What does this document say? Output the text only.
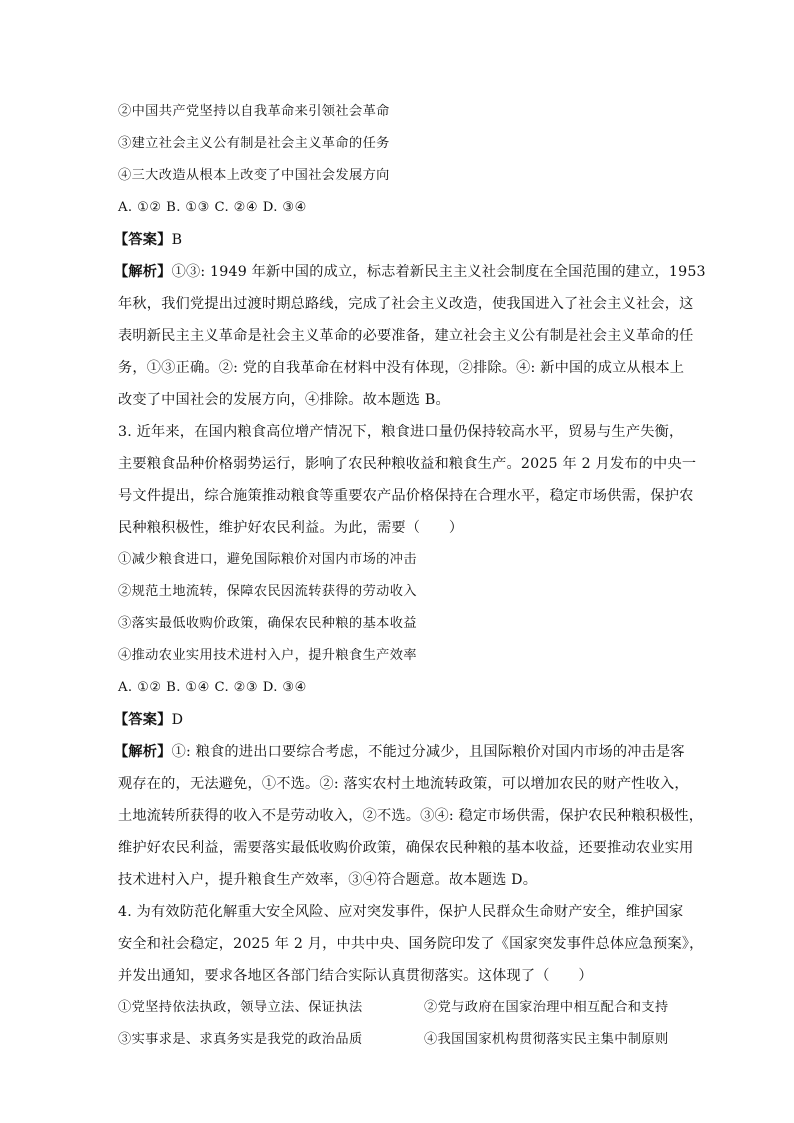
②中国共产党坚持以自我革命来引领社会革命
③建立社会主义公有制是社会主义革命的任务
④三大改造从根本上改变了中国社会发展方向
A. ①② B. ①③ C. ②④ D. ③④
【答案】B
【解析】①③: 1949 年新中国的成立，标志着新民主主义社会制度在全国范围的建立，1953
年秋，我们党提出过渡时期总路线，完成了社会主义改造，使我国进入了社会主义社会，这
表明新民主主义革命是社会主义革命的必要准备，建立社会主义公有制是社会主义革命的任
务，①③正确。②: 党的自我革命在材料中没有体现，②排除。④: 新中国的成立从根本上
改变了中国社会的发展方向，④排除。故本题选 B。
3. 近年来，在国内粮食高位增产情况下，粮食进口量仍保持较高水平，贸易与生产失衡，
主要粮食品种价格弱势运行，影响了农民种粮收益和粮食生产。2025 年 2 月发布的中央一
号文件提出，综合施策推动粮食等重要农产品价格保持在合理水平，稳定市场供需，保护农
民种粮积极性，维护好农民利益。为此，需要（　　）
①减少粮食进口，避免国际粮价对国内市场的冲击
②规范土地流转，保障农民因流转获得的劳动收入
③落实最低收购价政策，确保农民种粮的基本收益
④推动农业实用技术进村入户，提升粮食生产效率
A. ①② B. ①④ C. ②③ D. ③④
【答案】D
【解析】①: 粮食的进出口要综合考虑，不能过分减少，且国际粮价对国内市场的冲击是客
观存在的，无法避免，①不选。②: 落实农村土地流转政策，可以增加农民的财产性收入，
土地流转所获得的收入不是劳动收入，②不选。③④: 稳定市场供需，保护农民种粮积极性，
维护好农民利益，需要落实最低收购价政策，确保农民种粮的基本收益，还要推动农业实用
技术进村入户，提升粮食生产效率，③④符合题意。故本题选 D。
4. 为有效防范化解重大安全风险、应对突发事件，保护人民群众生命财产安全，维护国家
安全和社会稳定，2025 年 2 月，中共中央、国务院印发了《国家突发事件总体应急预案》，
并发出通知，要求各地区各部门结合实际认真贯彻落实。这体现了（　　）
①党坚持依法执政，领导立法、保证执法	②党与政府在国家治理中相互配合和支持
③实事求是、求真务实是我党的政治品质	④我国国家机构贯彻落实民主集中制原则
